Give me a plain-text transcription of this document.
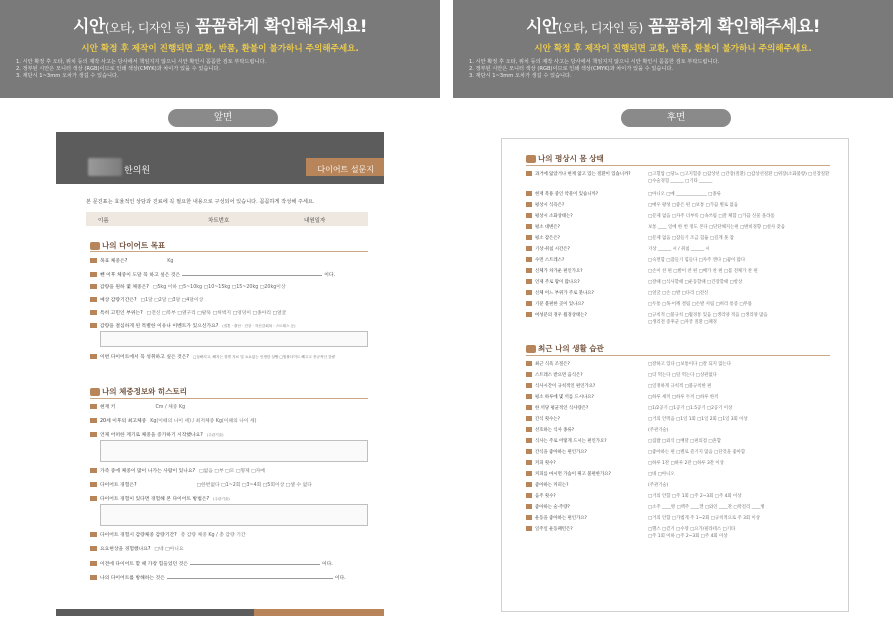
시안(오타, 디자인 등) 꼼꼼하게 확인해주세요!
시안 확정 후 제작이 진행되면 교환, 반품, 환불이 불가하니 주의해주세요.
1. 시안 확정 후 오타, 위치 등의 제작 사고는 당사에서 책임지지 않으니 시안 확인시 꼼꼼한 검토 부탁드립니다.
2. 정부된 시안은 모니터 색상 (RGB)이므로 인쇄 색상(CMYK)과 차이가 있을 수 있습니다.
3. 재단시 1~3mm 오차가 생길 수 있습니다.
앞면
한의원	다이어트 설문지
본 문진표는 효율적인 상담과 진료에 꼭 필요한 내용으로 구성되어 있습니다. 꼼꼼하게 작성해 주세요.
이름	차트번호	내원일자
나의 다이어트 목표
목표 체중은?	Kg
뺀 이후 체중이 도달 꼭 하고 싶은 것은	이다.
감량을 원하 몇 체중은? □5kg 이하 □5~10kg □10~15kg □15~20kg □20kg이상
예상 감량기간은? □1달 □2달 □3달 □4달이상
특히 고민인 부위는? □전신 □복부 □옆구리 □팔뚝 □허벅지 □엉덩이 □종아리 □얼굴
감량을 결심하게 된 특별한 이유나 이벤트가 있으신가요? (결혼 · 출산 · 건강 · 자신감회복 · 스트레스 등)
이번 다이어트에서 꼭 성취하고 싶은 것은? □살빠지고, 빼지는 장별 지료 및 요요없는 인생한 살빵 □힐불다이트 빼고고 종규적인 감량
나의 체중정보와 히스토리
현재 키	Cm / 체중 Kg
20세 이후의 최고체중 Kg(이때의 나이 세) / 최저체중 Kg(이때의 나이 세)
언제 어떠한 계기로 체중을 증가하기 시작했나요? (주관기술)
가족 중에 체중이 많이 나가는 사람이 있나요? □없음 □부 □모 □형제 □자매
다이어트 경험은?	□한번없다 □1~2회 □3~4회 □5회이상 □셀 수 없다
다이어트 경험이 있다면 경험해 본 다이어트 방법은? (주관기술)
다이어트 경험시 감량체중 감량기간? 총 감량 체중 Kg / 총 감량 기간
요요현상을 경험했나요? □네 □아니요
이전에 다이어트 할 때 가장 힘들었던 것은	이다.
나의 다이어트를 방해하는 것은	이다.
시안(오타, 디자인 등) 꼼꼼하게 확인해주세요!
시안 확정 후 제작이 진행되면 교환, 반품, 환불이 불가하니 주의해주세요.
1. 시안 확정 후 오타, 위치 등의 제작 사고는 당사에서 책임지지 않으니 시안 확인시 꼼꼼한 검토 부탁드립니다.
2. 정부된 시안은 모니터 색상 (RGB)이므로 인쇄 색상(CMYK)과 차이가 있을 수 있습니다.
3. 재단시 1~3mm 오차가 생길 수 있습니다.
후면
나의 평상시 몸 상태
과거에 앓았거나 현재 앓고 있는 질환이 있습니까?	□고혈압 □당뇨 □고지혈증 □갑상선 □간장(질환) □갑상선질환 □위장(소화불량) □신장질환
□수술경험 ______ □기타 ______
현재 복용 중인 약물이 있습니까?	□아니오 □예 ______________ □종류
평상시 식욕은?	□매우 왕성 □좋은 편 □보통 □가끔 별로 없음
평상시 소화상태는?	□문제 없음 □자주 더부룩 □속쓰림 □잘 체함 □가끔 신물 올라옴
평소 대변은?	보통 ____ 일에 한 번 정도 본다 □단단해지는편 □변비경향 □설사 잦음
평소 잠은은?	□문제 없음 □잠들기 조금 힘듦 □깊게 못 잠
기상·취침 시간은?	기상 ______ 시 / 취침 ______ 시
수면 스트레스?	□숙면함 □잠들기 힘들다 □자주 깬다 □꿈이 많다
신체가 차가운 편인가요?	□손이 찬 편 □발이 찬 편 □배가 찬 편 □몸 전체가 찬 편
언제 주로 땀이 많나요?	□잘때 □식사할때 □운동할때 □긴장할때 □항상
신체 어느 부위가 주로 붓나요?	□얼굴 □손 □발 □다리 □전신
기분 불편한 곳이 있나요?	□두통 □목·어깨 결림 □손발 저림 □허리 통증 □무릎
여성분의 경우 월경상태는?	□규칙적 □불규칙 □월경통 있음 □생리양 적음 □생리양 많음
□생리전 증후군 □자궁 질환 □폐경
최근 나의 생활 습관
최근 식욕 조절은?	□잘하고 있다 □보통이다 □잘 되지 않는다
스트레스 받으면 음식은?	□더 먹는다 □덜 먹는다 □상관없다
식사시간이 규칙적인 편인가요?	□일정하게 규칙적 □불규칙한 편
평소 하루에 몇 끼를 드시나요?	□하루 세끼 □하루 두끼 □하루 한끼
한 끼당 평균적인 식사량은?	□1/2공기 □1공기 □1.5공기 □2공기 이상
간식 횟수는?	□거의 안먹음 □1일 1회 □1일 2회 □1일 3회 이상
선호하는 식사 종류?	(주관기술)
식사는 주로 어떻게 드시는 편인가요?	□집밥 □외식 □배달 □편의점 □혼합
간식을 좋아하는 편인가요?	□좋아하는 편 □별로 즐기지 않음 □단것을 좋아함
커피 횟수?	□하루 1잔 □하루 2잔 □하루 3잔 이상
커피를 마시면 가슴이 뛰고 불편한가요?	□네 □아니오
좋아하는 커피는?	(주관기술)
음주 횟수?	□거의 안함 □주 1회 □주 2~3회 □주 4회 이상
좋아하는 술·주량?	□소주 ____병 □맥주 ____캔 □와인 ____잔 □막걸리 ____병
운동을 좋아하는 편인가요?	□거의 안함 □가볍게 주 1~2회 □규칙적으로 주 3회 이상
일주일 운동패턴은?	□헬스 □걷기 □수영 □요가/필라테스 □기타
□주 1회 이하 □주 2~3회 □주 4회 이상
